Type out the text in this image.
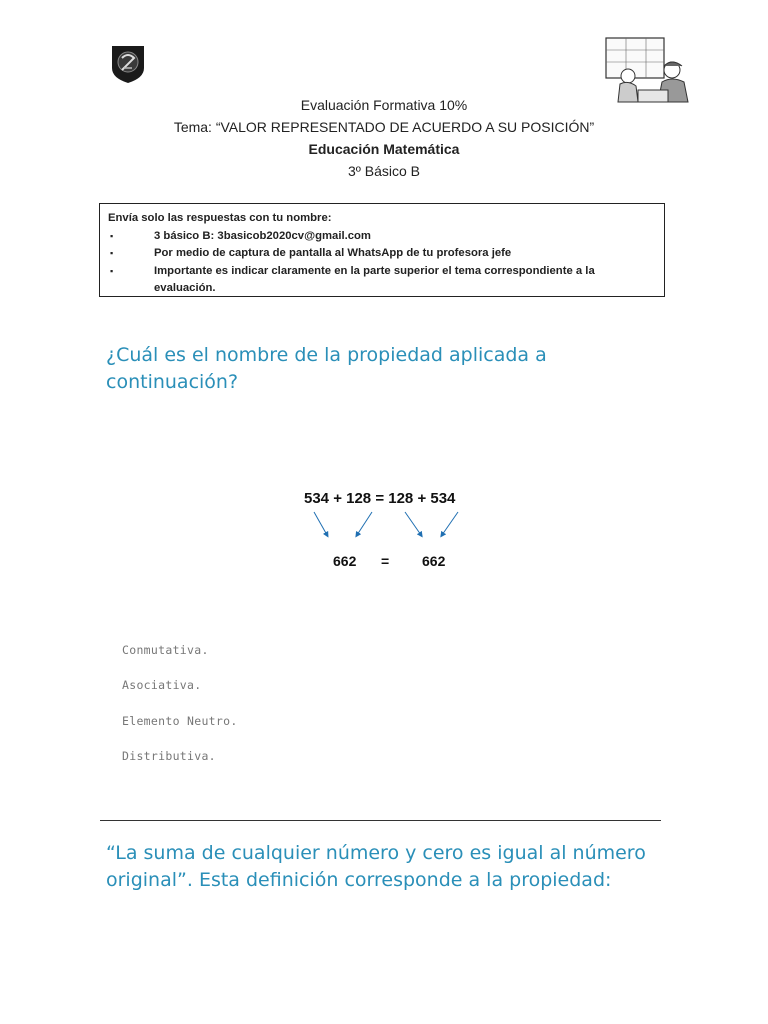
Evaluación Formativa 10%
Tema: “VALOR REPRESENTADO DE ACUERDO A SU POSICIÓN”
Educación Matemática
3º Básico B
Envía solo las respuestas con tu nombre:
▪ 3 básico B: 3basicob2020cv@gmail.com
▪ Por medio de captura de pantalla al WhatsApp de tu profesora jefe
▪ Importante es indicar claramente en la parte superior el tema correspondiente a la evaluación.
¿Cuál es el nombre de la propiedad aplicada a continuación?
534 + 128 = 128 + 534
662 = 662
Conmutativa.
Asociativa.
Elemento Neutro.
Distributiva.
“La suma de cualquier número y cero es igual al número original”. Esta definición corresponde a la propiedad:
